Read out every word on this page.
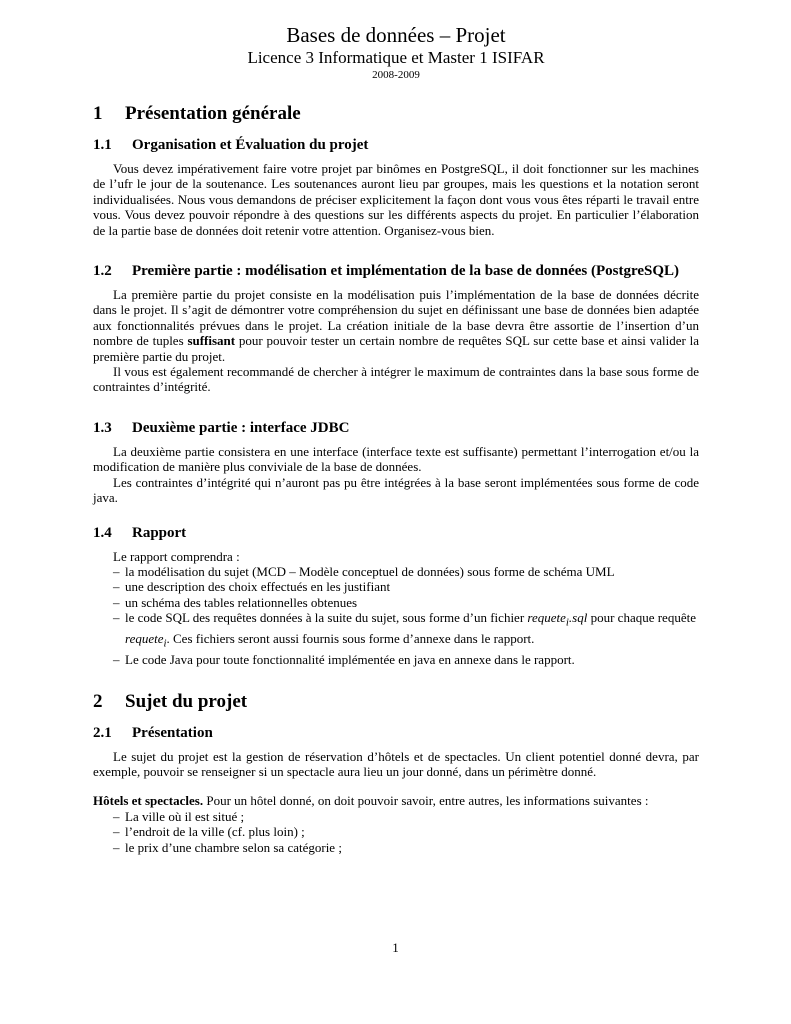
Bases de données – Projet
Licence 3 Informatique et Master 1 ISIFAR
2008-2009
1 Présentation générale
1.1 Organisation et Évaluation du projet

Vous devez impérativement faire votre projet par binômes en PostgreSQL, il doit fonctionner sur les machines de l’ufr le jour de la soutenance. Les soutenances auront lieu par groupes, mais les questions et la notation seront individualisées. Nous vous demandons de préciser explicitement la façon dont vous vous êtes réparti le travail entre vous. Vous devez pouvoir répondre à des questions sur les différents aspects du projet. En particulier l’élaboration de la partie base de données doit retenir votre attention. Organisez-vous bien.

1.2	Première partie : modélisation et implémentation de la base de données (PostgreSQL)

La première partie du projet consiste en la modélisation puis l’implémentation de la base de données décrite dans le projet. Il s’agit de démontrer votre compréhension du sujet en définissant une base de données bien adaptée aux fonctionnalités prévues dans le projet. La création initiale de la base devra être assortie de l’insertion d’un nombre de tuples suffisant pour pouvoir tester un certain nombre de requêtes SQL sur cette base et ainsi valider la première partie du projet.

Il vous est également recommandé de chercher à intégrer le maximum de contraintes dans la base sous forme de contraintes d’intégrité.

1.3 Deuxième partie : interface JDBC

La deuxième partie consistera en une interface (interface texte est suffisante) permettant l’interrogation et/ou la modification de manière plus conviviale de la base de données.

Les contraintes d’intégrité qui n’auront pas pu être intégrées à la base seront implémentées sous forme de code java.

1.4 Rapport

Le rapport comprendra :

– la modélisation du sujet (MCD – Modèle conceptuel de données) sous forme de schéma UML
– une description des choix effectués en les justifiant
– un schéma des tables relationnelles obtenues
– le code SQL des requêtes données à la suite du sujet, sous forme d’un fichier requete$_i$.sql pour chaque requête requete$_i$. Ces fichiers seront aussi fournis sous forme d’annexe dans le rapport.
– Le code Java pour toute fonctionnalité implémentée en java en annexe dans le rapport.
2 Sujet du projet
2.1 Présentation

Le sujet du projet est la gestion de réservation d’hôtels et de spectacles. Un client potentiel donné devra, par exemple, pouvoir se renseigner si un spectacle aura lieu un jour donné, dans un périmètre donné.

Hôtels et spectacles. Pour un hôtel donné, on doit pouvoir savoir, entre autres, les informations suivantes :

– La ville où il est situé ;
– l’endroit de la ville (cf. plus loin) ;
– le prix d’une chambre selon sa catégorie ;
1
